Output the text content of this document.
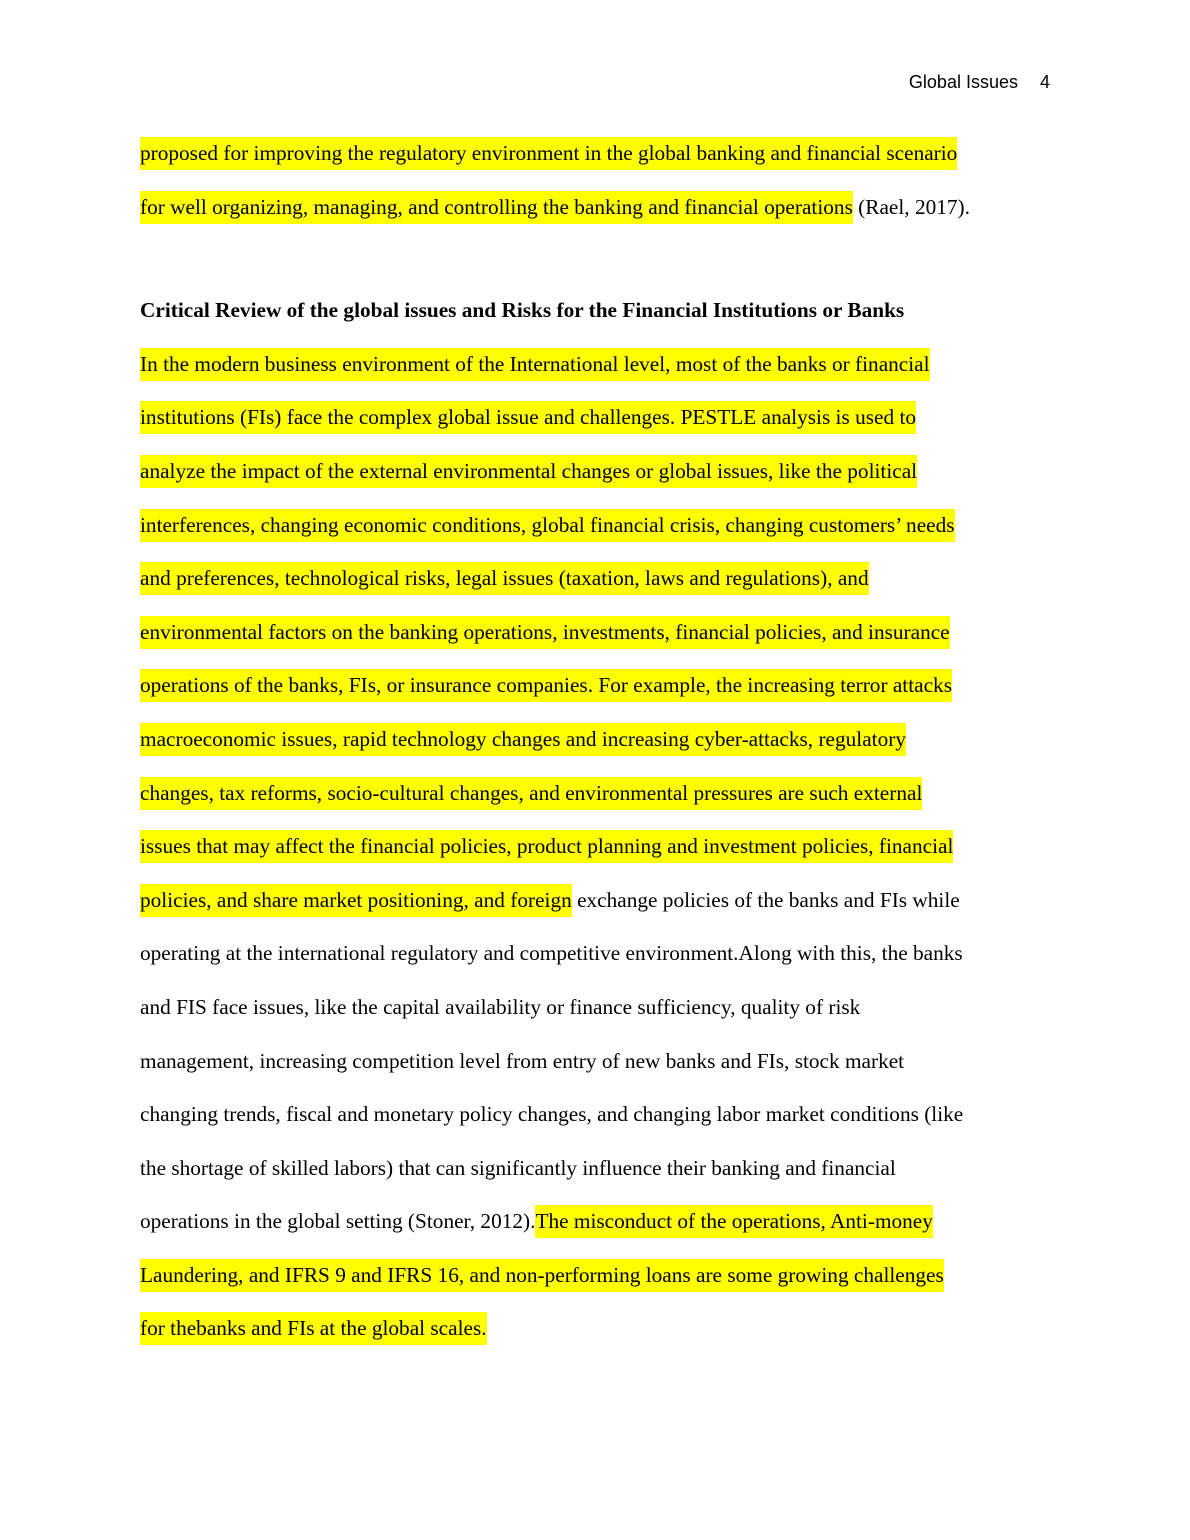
Global Issues 4
proposed for improving the regulatory environment in the global banking and financial scenario
for well organizing, managing, and controlling the banking and financial operations (Rael, 2017).
Critical Review of the global issues and Risks for the Financial Institutions or Banks
In the modern business environment of the International level, most of the banks or financial
institutions (FIs) face the complex global issue and challenges. PESTLE analysis is used to
analyze the impact of the external environmental changes or global issues, like the political
interferences, changing economic conditions, global financial crisis, changing customers’ needs
and preferences, technological risks, legal issues (taxation, laws and regulations), and
environmental factors on the banking operations, investments, financial policies, and insurance
operations of the banks, FIs, or insurance companies. For example, the increasing terror attacks
macroeconomic issues, rapid technology changes and increasing cyber-attacks, regulatory
changes, tax reforms, socio-cultural changes, and environmental pressures are such external
issues that may affect the financial policies, product planning and investment policies, financial
policies, and share market positioning, and foreign exchange policies of the banks and FIs while
operating at the international regulatory and competitive environment.Along with this, the banks
and FIS face issues, like the capital availability or finance sufficiency, quality of risk
management, increasing competition level from entry of new banks and FIs, stock market
changing trends, fiscal and monetary policy changes, and changing labor market conditions (like
the shortage of skilled labors) that can significantly influence their banking and financial
operations in the global setting (Stoner, 2012).The misconduct of the operations, Anti-money
Laundering, and IFRS 9 and IFRS 16, and non-performing loans are some growing challenges
for thebanks and FIs at the global scales.
